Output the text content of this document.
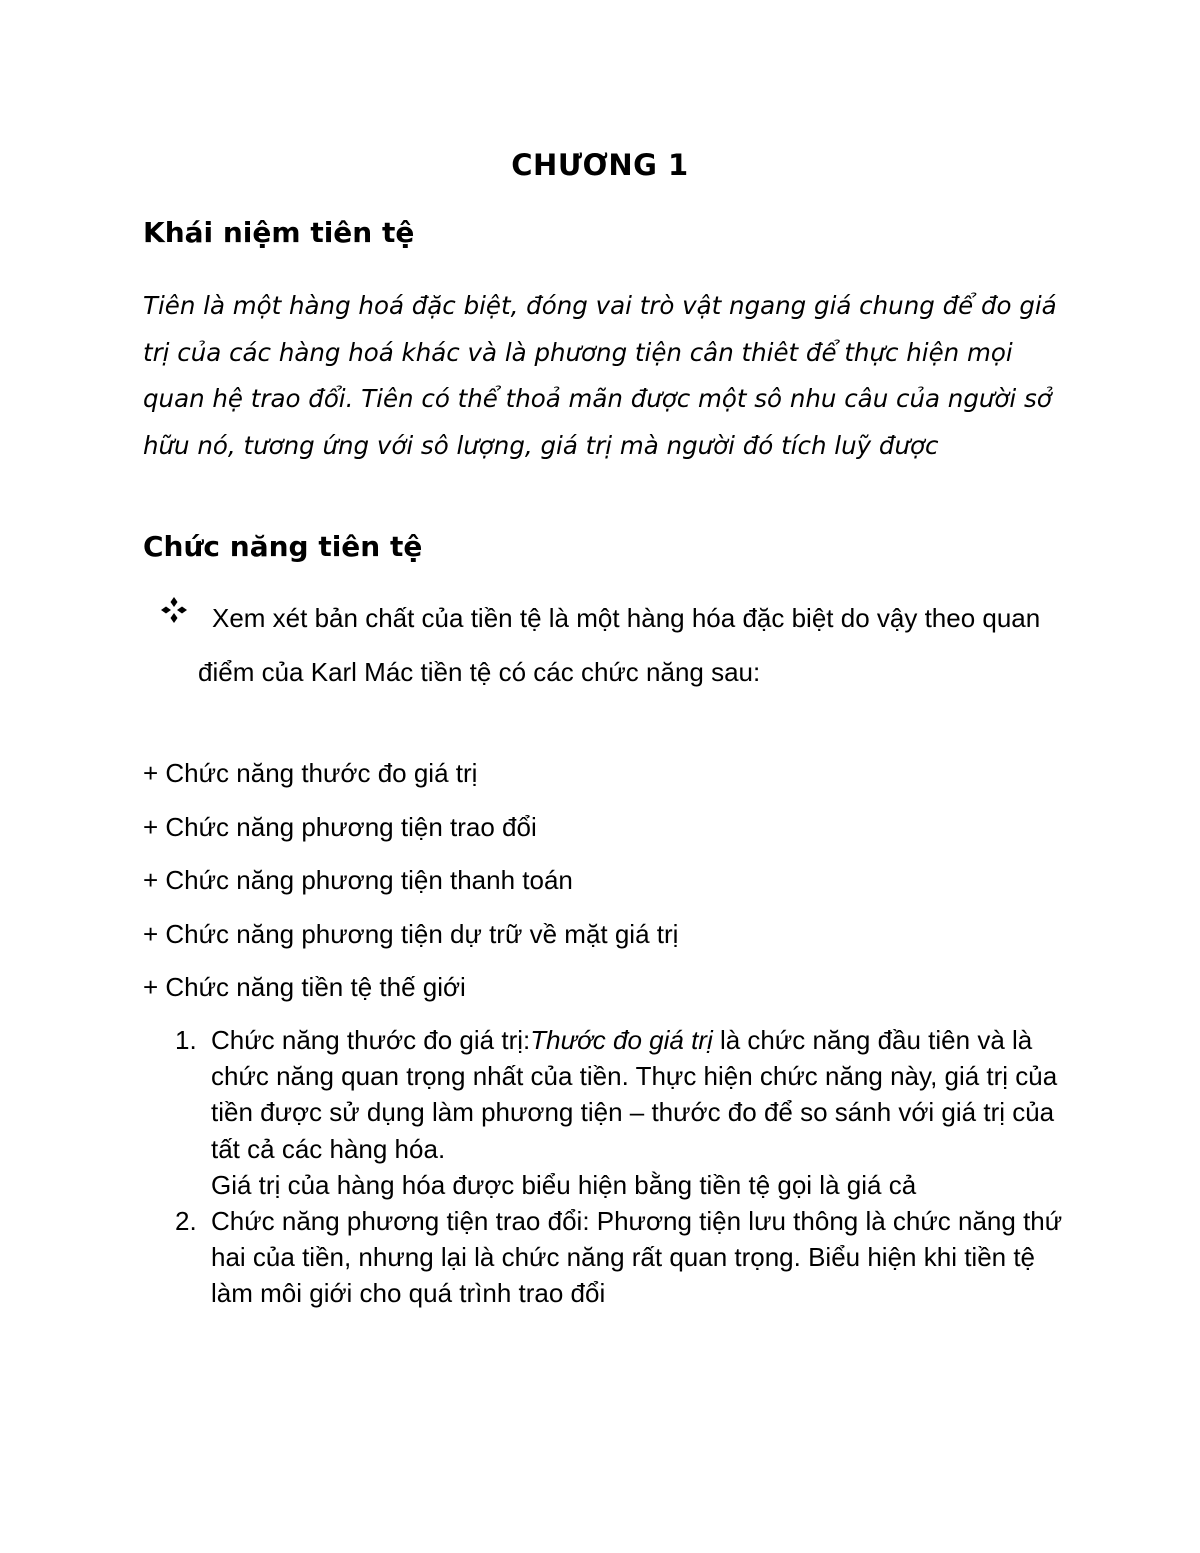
CHƯƠNG 1
Khái niệm tiên tệ

Tiên là một hàng hoá đặc biệt, đóng vai trò vật ngang giá chung để đo giá trị của các hàng hoá khác và là phương tiện cân thiêt để thực hiện mọi quan hệ trao đổi. Tiên có thể thoả mãn được một sô nhu câu của người sở hữu nó, tương ứng với sô lượng, giá trị mà người đó tích luỹ được

Chức năng tiên tệ

Xem xét bản chất của tiền tệ là một hàng hóa đặc biệt do vậy theo quan điểm của Karl Mác tiền tệ có các chức năng sau:

+ Chức năng thước đo giá trị
+ Chức năng phương tiện trao đổi
+ Chức năng phương tiện thanh toán
+ Chức năng phương tiện dự trữ về mặt giá trị
+ Chức năng tiền tệ thế giới
1. Chức năng thước đo giá trị:Thước đo giá trị là chức năng đầu tiên và là chức năng quan trọng nhất của tiền. Thực hiện chức năng này, giá trị của tiền được sử dụng làm phương tiện – thước đo để so sánh với giá trị của tất cả các hàng hóa.

Giá trị của hàng hóa được biểu hiện bằng tiền tệ gọi là giá cả

2. Chức năng phương tiện trao đổi: Phương tiện lưu thông là chức năng thứ hai của tiền, nhưng lại là chức năng rất quan trọng. Biểu hiện khi tiền tệ làm môi giới cho quá trình trao đổi
